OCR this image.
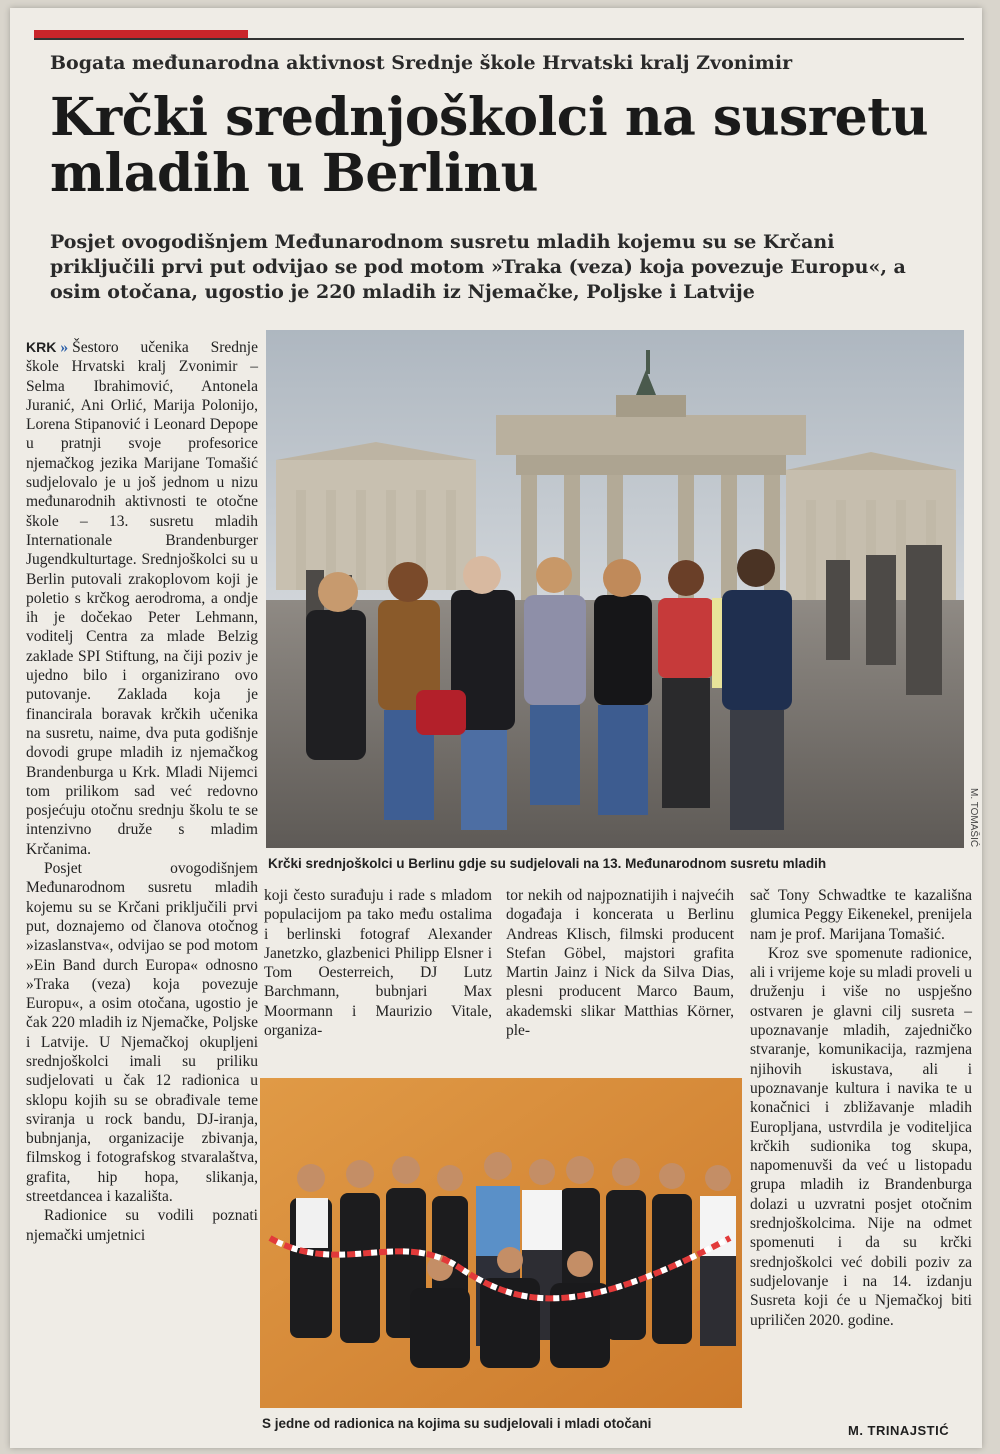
Bogata međunarodna aktivnost Srednje škole Hrvatski kralj Zvonimir
Krčki srednjoškolci na susretu mladih u Berlinu
Posjet ovogodišnjem Međunarodnom susretu mladih kojemu su se Krčani priključili prvi put odvijao se pod motom »Traka (veza) koja povezuje Europu«, a osim otočana, ugostio je 220 mladih iz Njemačke, Poljske i Latvije

KRK » Šestoro učenika Srednje škole Hrvatski kralj Zvonimir – Selma Ibrahimović, Antonela Juranić, Ani Orlić, Marija Polonijo, Lorena Stipanović i Leonard Depope u pratnji svoje profesorice njemačkog jezika Marijane Tomašić sudjelovalo je u još jednom u nizu međunarodnih aktivnosti te otočne škole – 13. susretu mladih Internationale Brandenburger Jugendkulturtage. Srednjoškolci su u Berlin putovali zrakoplovom koji je poletio s krčkog aerodroma, a ondje ih je dočekao Peter Lehmann, voditelj Centra za mlade Belzig zaklade SPI Stiftung, na čiji poziv je ujedno bilo i organizirano ovo putovanje. Zaklada koja je financirala boravak krčkih učenika na susretu, naime, dva puta godišnje dovodi grupe mladih iz njemačkog Brandenburga u Krk. Mladi Nijemci tom prilikom sad već redovno posjećuju otočnu srednju školu te se intenzivno druže s mladim Krčanima.

Posjet ovogodišnjem Međunarodnom susretu mladih kojemu su se Krčani priključili prvi put, doznajemo od članova otočnog »izaslanstva«, odvijao se pod motom »Ein Band durch Europa« odnosno »Traka (veza) koja povezuje Europu«, a osim otočana, ugostio je čak 220 mladih iz Njemačke, Poljske i Latvije. U Njemačkoj okupljeni srednjoškolci imali su priliku sudjelovati u čak 12 radionica u sklopu kojih su se obrađivale teme sviranja u rock bandu, DJ-iranja, bubnjanja, organizacije zbivanja, filmskog i fotografskog stvaralaštva, grafita, hip hopa, slikanja, streetdancea i kazališta.

Radionice su vodili poznati njemački umjetnici

M. TOMAŠIĆ
Krčki srednjoškolci u Berlinu gdje su sudjelovali na 13. Međunarodnom susretu mladih

koji često surađuju i rade s mladom populacijom pa tako među ostalima i berlinski fotograf Alexander Janetzko, glazbenici Philipp Elsner i Tom Oesterreich, DJ Lutz Barchmann, bubnjari Max Moormann i Maurizio Vitale, organiza-

tor nekih od najpoznatijih i najvećih događaja i koncerata u Berlinu Andreas Klisch, filmski producent Stefan Göbel, majstori grafita Martin Jainz i Nick da Silva Dias, plesni producent Marco Baum, akademski slikar Matthias Körner, ple-

S jedne od radionica na kojima su sudjelovali i mladi otočani

sač Tony Schwadtke te kazališna glumica Peggy Eikenekel, prenijela nam je prof. Marijana Tomašić.

Kroz sve spomenute radionice, ali i vrijeme koje su mladi proveli u druženju i više no uspješno ostvaren je glavni cilj susreta – upoznavanje mladih, zajedničko stvaranje, komunikacija, razmjena njihovih iskustava, ali i upoznavanje kultura i navika te u konačnici i zbližavanje mladih Europljana, ustvrdila je voditeljica krčkih sudionika tog skupa, napomenuvši da već u listopadu grupa mladih iz Brandenburga dolazi u uzvratni posjet otočnim srednjoškolcima. Nije na odmet spomenuti i da su krčki srednjoškolci već dobili poziv za sudjelovanje i na 14. izdanju Susreta koji će u Njemačkoj biti upriličen 2020. godine.

M. TRINAJSTIĆ
